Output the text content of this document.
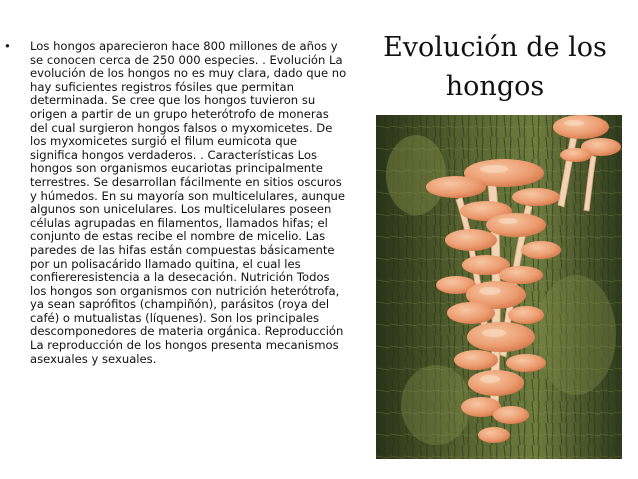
• Los hongos aparecieron hace 800 millones de años y se conocen cerca de 250 000 especies. . Evolución La evolución de los hongos no es muy clara, dado que no hay suficientes registros fósiles que permitan determinada. Se cree que los hongos tuvieron su origen a partir de un grupo heterótrofo de moneras del cual surgieron hongos falsos o myxomicetes. De los myxomicetes surgió el filum eumicota que significa hongos verdaderos. . Características Los hongos son organismos eucariotas principalmente terrestres. Se desarrollan fácilmente en sitios oscuros y húmedos. En su mayoría son multicelulares, aunque algunos son unicelulares. Los multicelulares poseen células agrupadas en filamentos, llamados hifas; el conjunto de estas recibe el nombre de micelio. Las paredes de las hifas están compuestas básicamente por un polisacárido llamado quitina, el cual les confiereresistencia a la desecación. Nutrición Todos los hongos son organismos con nutrición heterótrofa, ya sean saprófitos (champiñón), parásitos (roya del café) o mutualistas (líquenes). Son los principales descomponedores de materia orgánica. Reproducción La reproducción de los hongos presenta mecanismos asexuales y sexuales.
Evolución de los hongos
